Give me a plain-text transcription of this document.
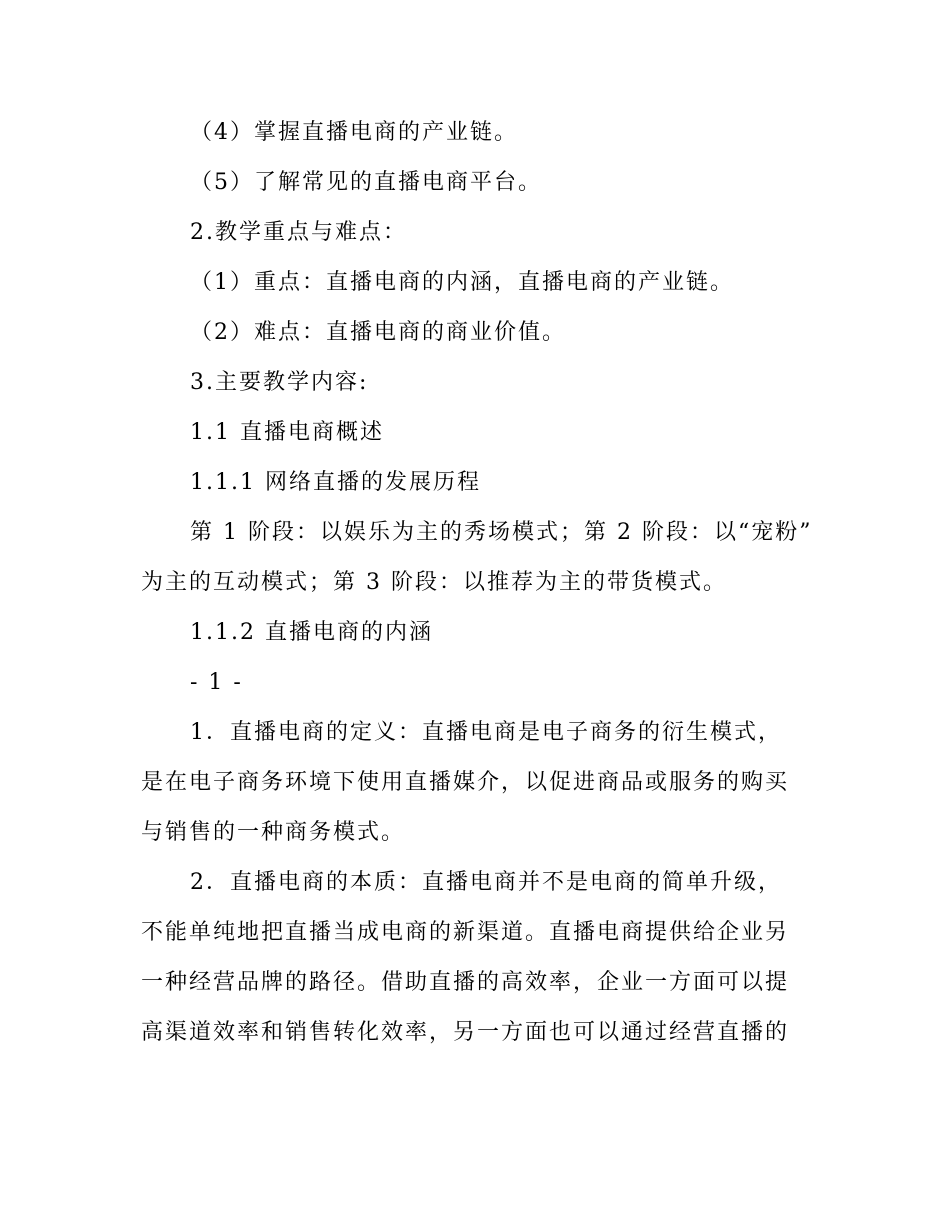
（4）掌握直播电商的产业链。
（5）了解常见的直播电商平台。
2.教学重点与难点：
（1）重点：直播电商的内涵，直播电商的产业链。
（2）难点：直播电商的商业价值。
3.主要教学内容:
1.1 直播电商概述
1.1.1 网络直播的发展历程
第 1 阶段：以娱乐为主的秀场模式；第 2 阶段：以“宠粉”
为主的互动模式；第 3 阶段：以推荐为主的带货模式。
1.1.2 直播电商的内涵
- 1 -
1．直播电商的定义：直播电商是电子商务的衍生模式，
是在电子商务环境下使用直播媒介，以促进商品或服务的购买
与销售的一种商务模式。
2．直播电商的本质：直播电商并不是电商的简单升级，
不能单纯地把直播当成电商的新渠道。直播电商提供给企业另
一种经营品牌的路径。借助直播的高效率，企业一方面可以提
高渠道效率和销售转化效率，另一方面也可以通过经营直播的
